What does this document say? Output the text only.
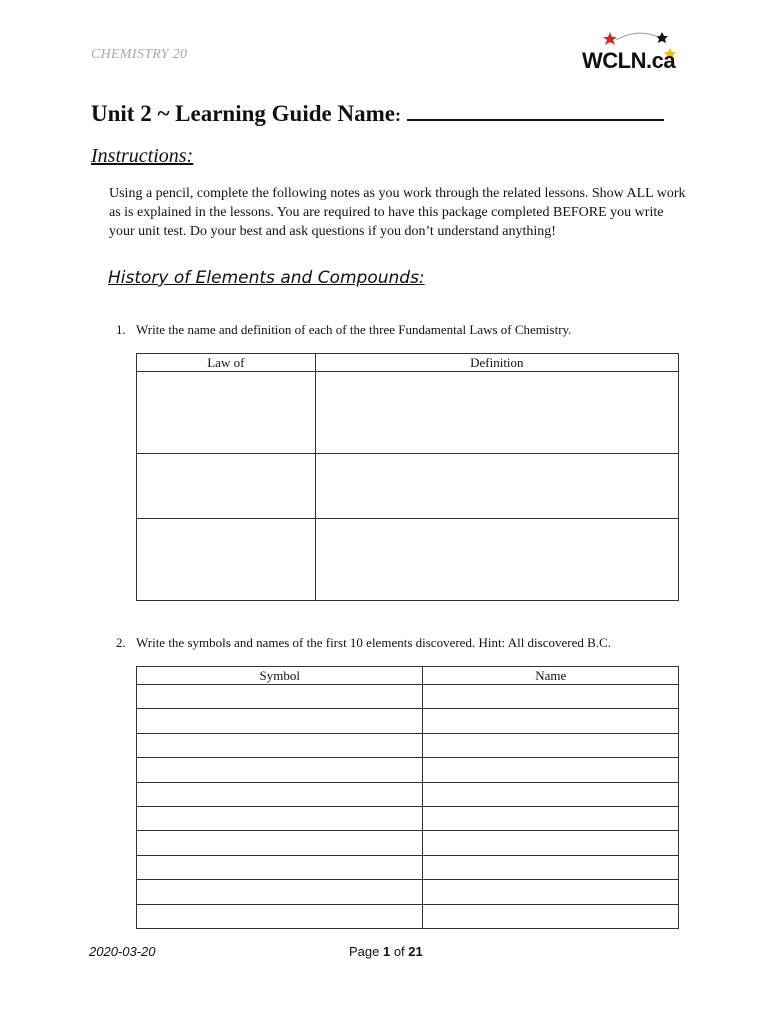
CHEMISTRY 20	WCLN.ca
Unit 2 ~ Learning Guide Name:
Instructions:
Using a pencil, complete the following notes as you work through the related lessons. Show ALL work as is explained in the lessons. You are required to have this package completed BEFORE you write your unit test. Do your best and ask questions if you don’t understand anything!
History of Elements and Compounds:
1. Write the name and definition of each of the three Fundamental Laws of Chemistry.
Law of	Definition

2. Write the symbols and names of the first 10 elements discovered. Hint: All discovered B.C.
Symbol	Name

2020-03-20	Page 1 of 21
